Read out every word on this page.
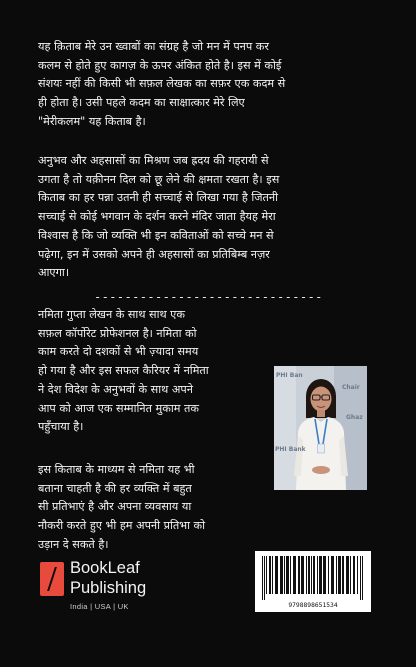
यह क़िताब मेरे उन ख्वाबों का संग्रह है जो मन में पनप कर
कलम से होते हुए कागज़ के ऊपर अंकित होते है। इस में कोई
संशयः नहीं की किसी भी सफ़ल लेखक का सफ़र एक कदम से
ही होता है। उसी पहले कदम का साक्षात्कार मेरे लिए
"मेरीकलम" यह किताब है।

अनुभव और अहसासों का मिश्रण जब ह्रदय की गहरायी से
उगता है तो यक़ीनन दिल को छू लेने की क्षमता रखता है। इस
किताब का हर पन्ना उतनी ही सच्चाई से लिखा गया है जितनी
सच्चाई से कोई भगवान के दर्शन करने मंदिर जाता हैयह मेरा
विश्वास है कि जो व्यक्ति भी इन कविताओं को सच्चे मन से
पढ़ेगा, इन में उसको अपने ही अहसासों का प्रतिबिम्ब नज़र
आएगा।

------------------------------

नमिता गुप्ता लेखन के साथ साथ एक
सफ़ल कॉर्पोरेट प्रोफेशनल है। नमिता को
काम करते दो दशकों से भी ज़्यादा समय
हो गया है और इस सफल कैरियर में नमिता
ने देश विदेश के अनुभवों के साथ अपने
आप को आज एक सम्मानित मुकाम तक
पहुँचाया है।

PHI Ban
Chair
PHI Bank
Ghaz

इस किताब के माध्यम से नमिता यह भी
बताना चाहती है की हर व्यक्ति में बहुत
सी प्रतिभाएं है और अपना व्यवसाय या
नौकरी करते हुए भी हम अपनी प्रतिभा को
उड़ान दे सकते है।

BookLeaf
Publishing
India | USA | UK	9798898651534
